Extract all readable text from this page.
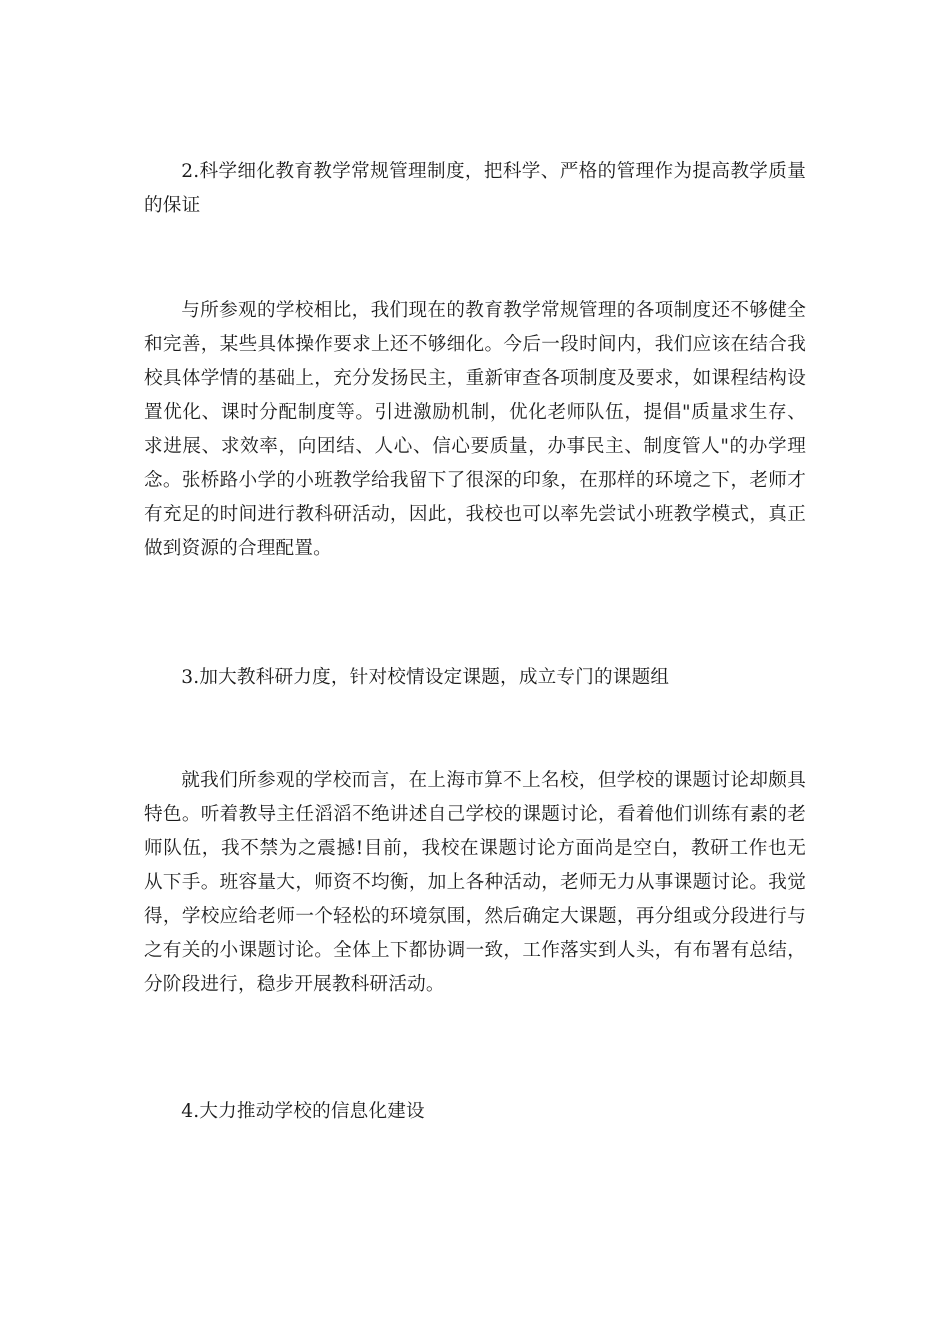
2.科学细化教育教学常规管理制度，把科学、严格的管理作为提高教学质量的保证

与所参观的学校相比，我们现在的教育教学常规管理的各项制度还不够健全和完善，某些具体操作要求上还不够细化。今后一段时间内，我们应该在结合我校具体学情的基础上，充分发扬民主，重新审查各项制度及要求，如课程结构设置优化、课时分配制度等。引进激励机制，优化老师队伍，提倡"质量求生存、求进展、求效率，向团结、人心、信心要质量，办事民主、制度管人"的办学理念。张桥路小学的小班教学给我留下了很深的印象，在那样的环境之下，老师才有充足的时间进行教科研活动，因此，我校也可以率先尝试小班教学模式，真正做到资源的合理配置。

3.加大教科研力度，针对校情设定课题，成立专门的课题组

就我们所参观的学校而言，在上海市算不上名校，但学校的课题讨论却颇具特色。听着教导主任滔滔不绝讲述自己学校的课题讨论，看着他们训练有素的老师队伍，我不禁为之震撼!目前，我校在课题讨论方面尚是空白，教研工作也无从下手。班容量大，师资不均衡，加上各种活动，老师无力从事课题讨论。我觉得，学校应给老师一个轻松的环境氛围，然后确定大课题，再分组或分段进行与之有关的小课题讨论。全体上下都协调一致，工作落实到人头，有布署有总结，分阶段进行，稳步开展教科研活动。

4.大力推动学校的信息化建设
